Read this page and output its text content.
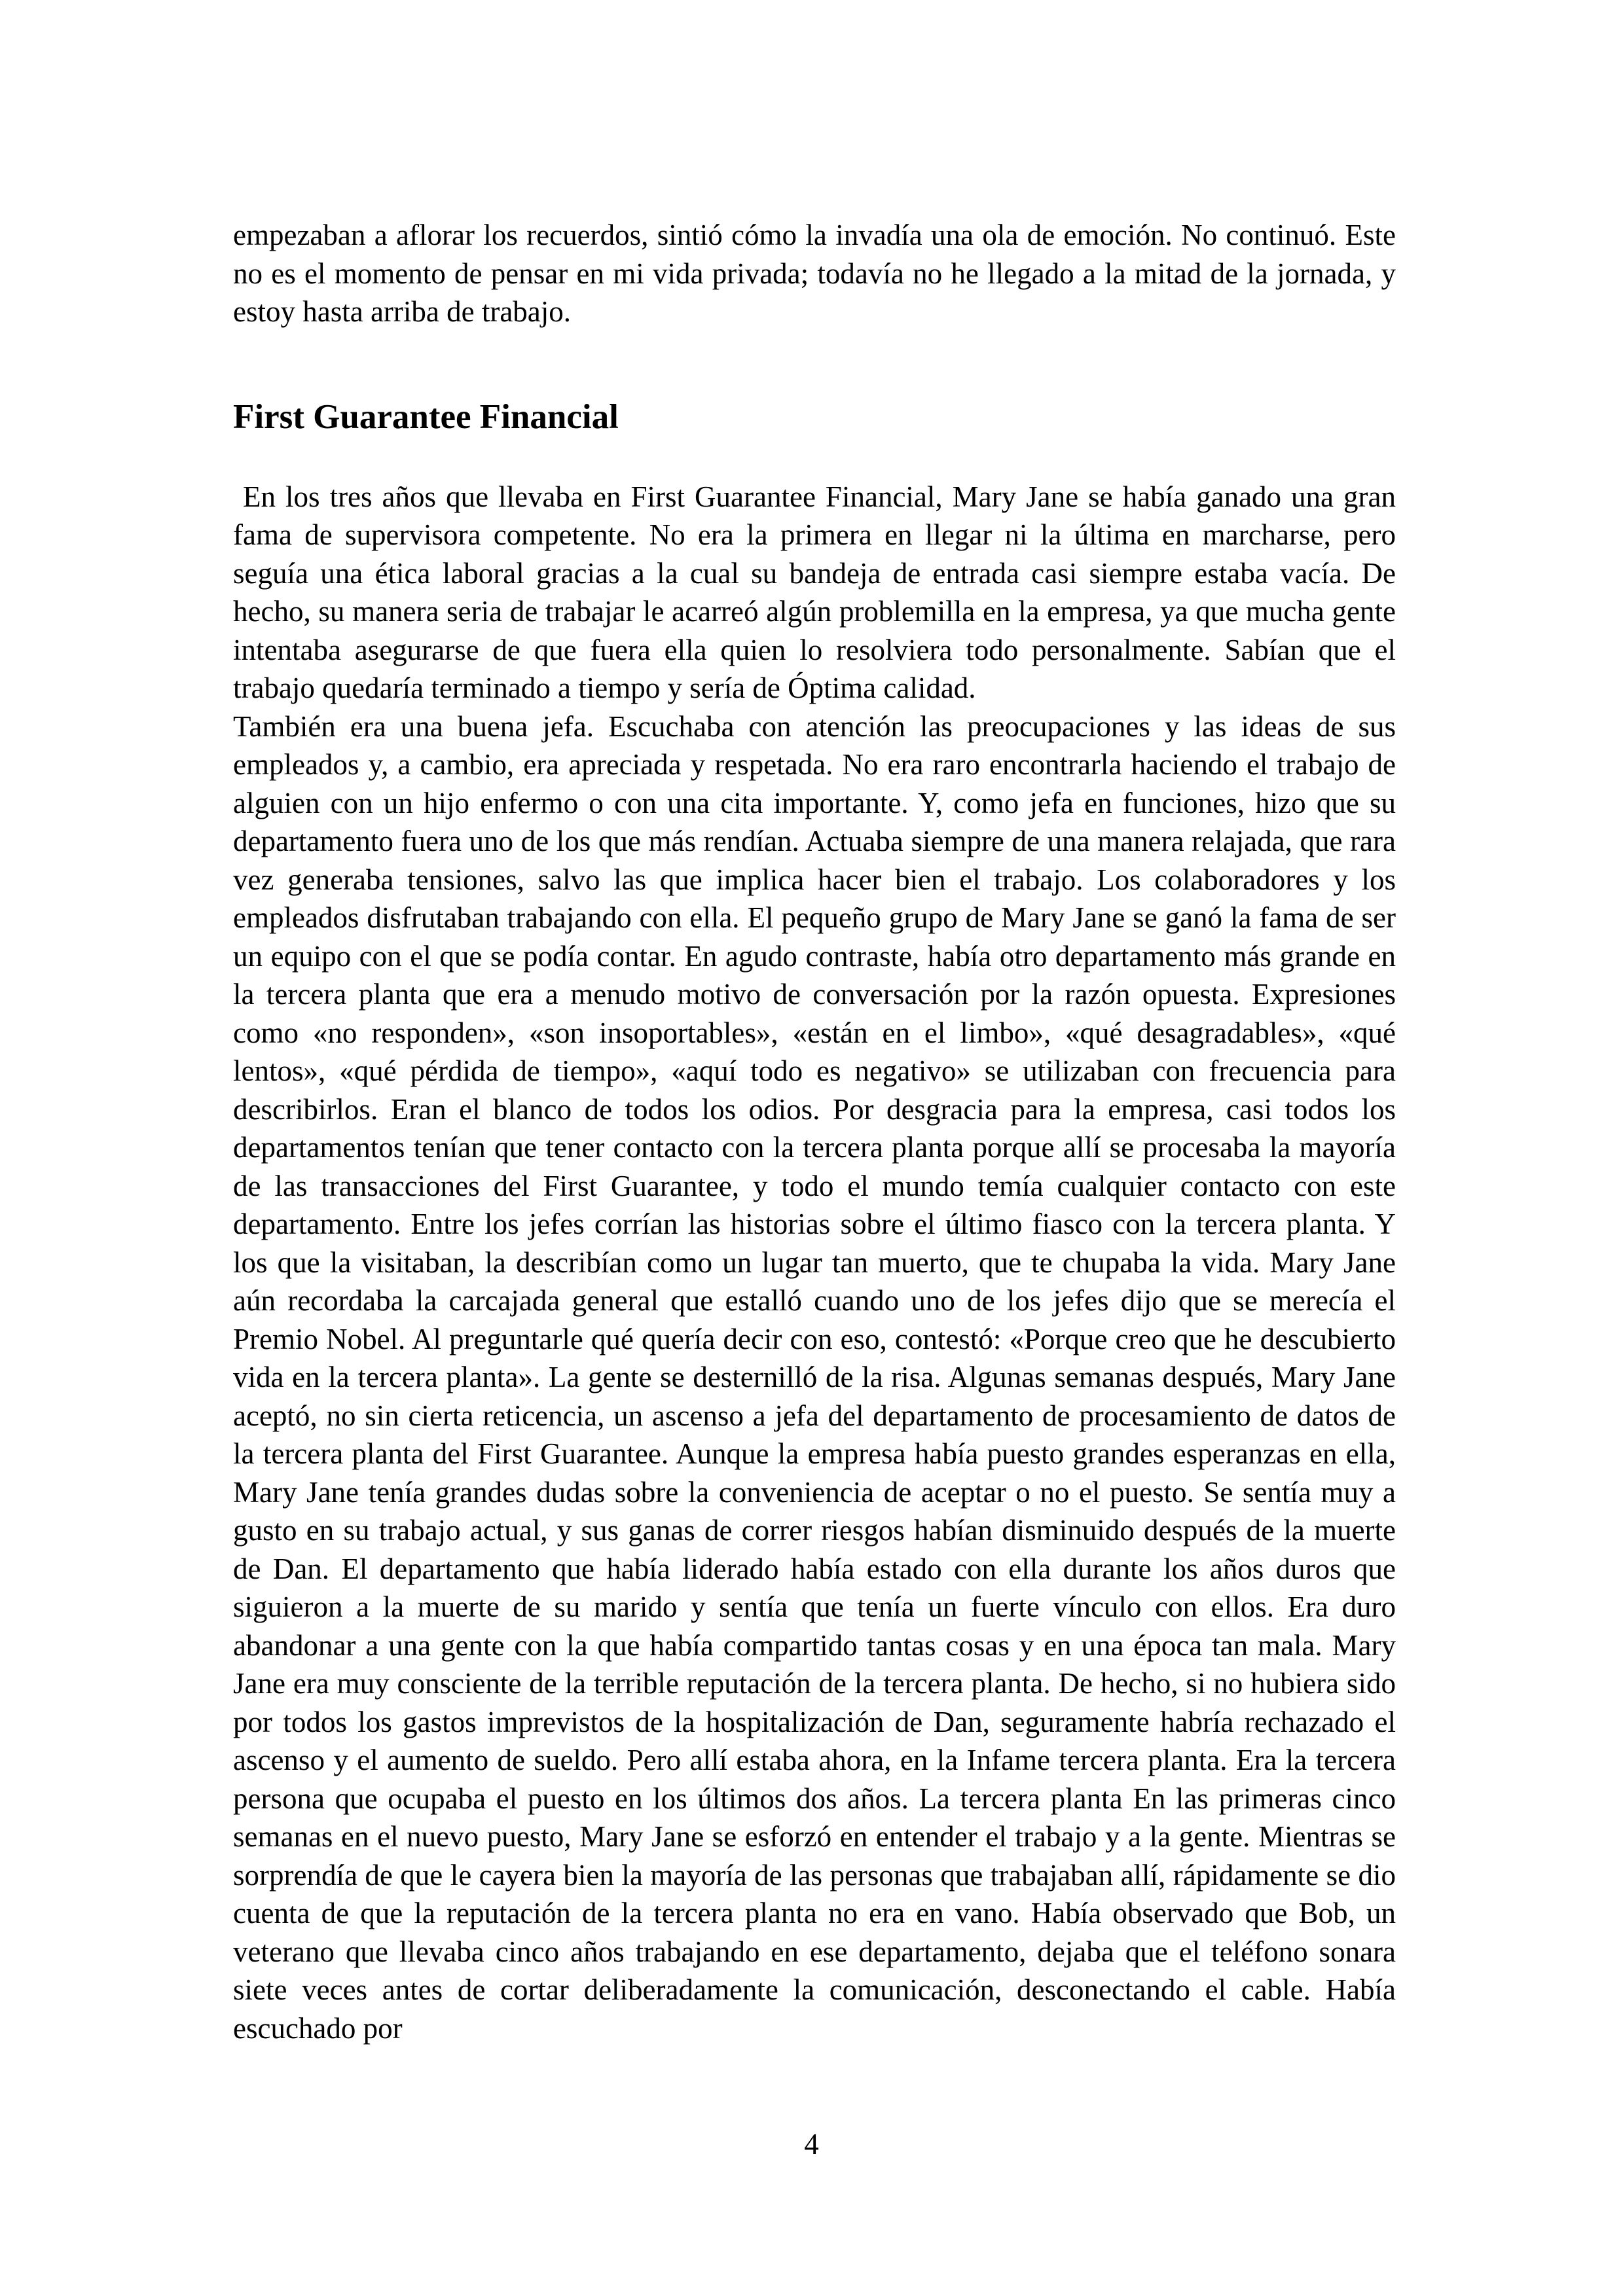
empezaban a aflorar los recuerdos, sintió cómo la invadía una ola de emoción. No continuó. Este no es el momento de pensar en mi vida privada; todavía no he llegado a la mitad de la jornada, y estoy hasta arriba de trabajo.

First Guarantee Financial

En los tres años que llevaba en First Guarantee Financial, Mary Jane se había ganado una gran fama de supervisora competente. No era la primera en llegar ni la última en marcharse, pero seguía una ética laboral gracias a la cual su bandeja de entrada casi siempre estaba vacía. De hecho, su manera seria de trabajar le acarreó algún problemilla en la empresa, ya que mucha gente intentaba asegurarse de que fuera ella quien lo resolviera todo personalmente. Sabían que el trabajo quedaría terminado a tiempo y sería de Óptima calidad.

También era una buena jefa. Escuchaba con atención las preocupaciones y las ideas de sus empleados y, a cambio, era apreciada y respetada. No era raro encontrarla haciendo el trabajo de alguien con un hijo enfermo o con una cita importante. Y, como jefa en funciones, hizo que su departamento fuera uno de los que más rendían. Actuaba siempre de una manera relajada, que rara vez generaba tensiones, salvo las que implica hacer bien el trabajo. Los colaboradores y los empleados disfrutaban trabajando con ella. El pequeño grupo de Mary Jane se ganó la fama de ser un equipo con el que se podía contar. En agudo contraste, había otro departamento más grande en la tercera planta que era a menudo motivo de conversación por la razón opuesta. Expresiones como «no responden», «son insoportables», «están en el limbo», «qué desagradables», «qué lentos», «qué pérdida de tiempo», «aquí todo es negativo» se utilizaban con frecuencia para describirlos. Eran el blanco de todos los odios. Por desgracia para la empresa, casi todos los departamentos tenían que tener contacto con la tercera planta porque allí se procesaba la mayoría de las transacciones del First Guarantee, y todo el mundo temía cualquier contacto con este departamento. Entre los jefes corrían las historias sobre el último fiasco con la tercera planta. Y los que la visitaban, la describían como un lugar tan muerto, que te chupaba la vida. Mary Jane aún recordaba la carcajada general que estalló cuando uno de los jefes dijo que se merecía el Premio Nobel. Al preguntarle qué quería decir con eso, contestó: «Porque creo que he descubierto vida en la tercera planta». La gente se desternilló de la risa. Algunas semanas después, Mary Jane aceptó, no sin cierta reticencia, un ascenso a jefa del departamento de procesamiento de datos de la tercera planta del First Guarantee. Aunque la empresa había puesto grandes esperanzas en ella, Mary Jane tenía grandes dudas sobre la conveniencia de aceptar o no el puesto. Se sentía muy a gusto en su trabajo actual, y sus ganas de correr riesgos habían disminuido después de la muerte de Dan. El departamento que había liderado había estado con ella durante los años duros que siguieron a la muerte de su marido y sentía que tenía un fuerte vínculo con ellos. Era duro abandonar a una gente con la que había compartido tantas cosas y en una época tan mala. Mary Jane era muy consciente de la terrible reputación de la tercera planta. De hecho, si no hubiera sido por todos los gastos imprevistos de la hospitalización de Dan, seguramente habría rechazado el ascenso y el aumento de sueldo. Pero allí estaba ahora, en la Infame tercera planta. Era la tercera persona que ocupaba el puesto en los últimos dos años. La tercera planta En las primeras cinco semanas en el nuevo puesto, Mary Jane se esforzó en entender el trabajo y a la gente. Mientras se sorprendía de que le cayera bien la mayoría de las personas que trabajaban allí, rápidamente se dio cuenta de que la reputación de la tercera planta no era en vano. Había observado que Bob, un veterano que llevaba cinco años trabajando en ese departamento, dejaba que el teléfono sonara siete veces antes de cortar deliberadamente la comunicación, desconectando el cable. Había escuchado por

4
